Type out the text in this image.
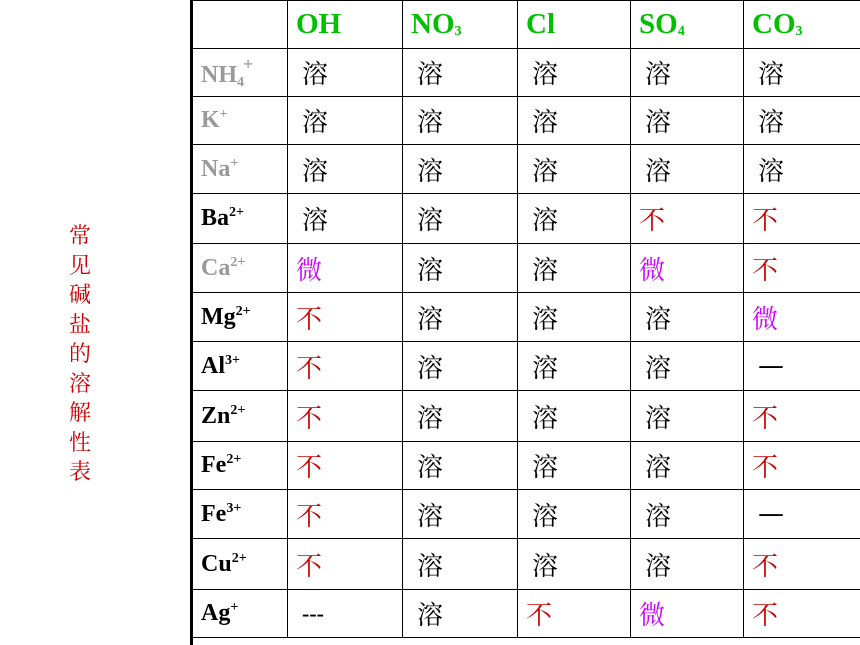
常
见
碱
盐
的
溶
解
性
表
	OH	$NO_3$	Cl	$SO_4$	$CO_3$
$NH_4^+$	溶	溶	溶	溶	溶
K+	溶	溶	溶	溶	溶
Na+	溶	溶	溶	溶	溶
$Ba^{2+}$	溶	溶	溶	不	不
$Ca^{2+}$	微	溶	溶	微	不
$Mg^{2+}$	不	溶	溶	溶	微
$Al^{3+}$	不	溶	溶	溶	—
$Zn^{2+}$	不	溶	溶	溶	不
$Fe^{2+}$	不	溶	溶	溶	不
$Fe^{3+}$	不	溶	溶	溶	—
$Cu^{2+}$	不	溶	溶	溶	不
Ag+	---	溶	不	微	不
